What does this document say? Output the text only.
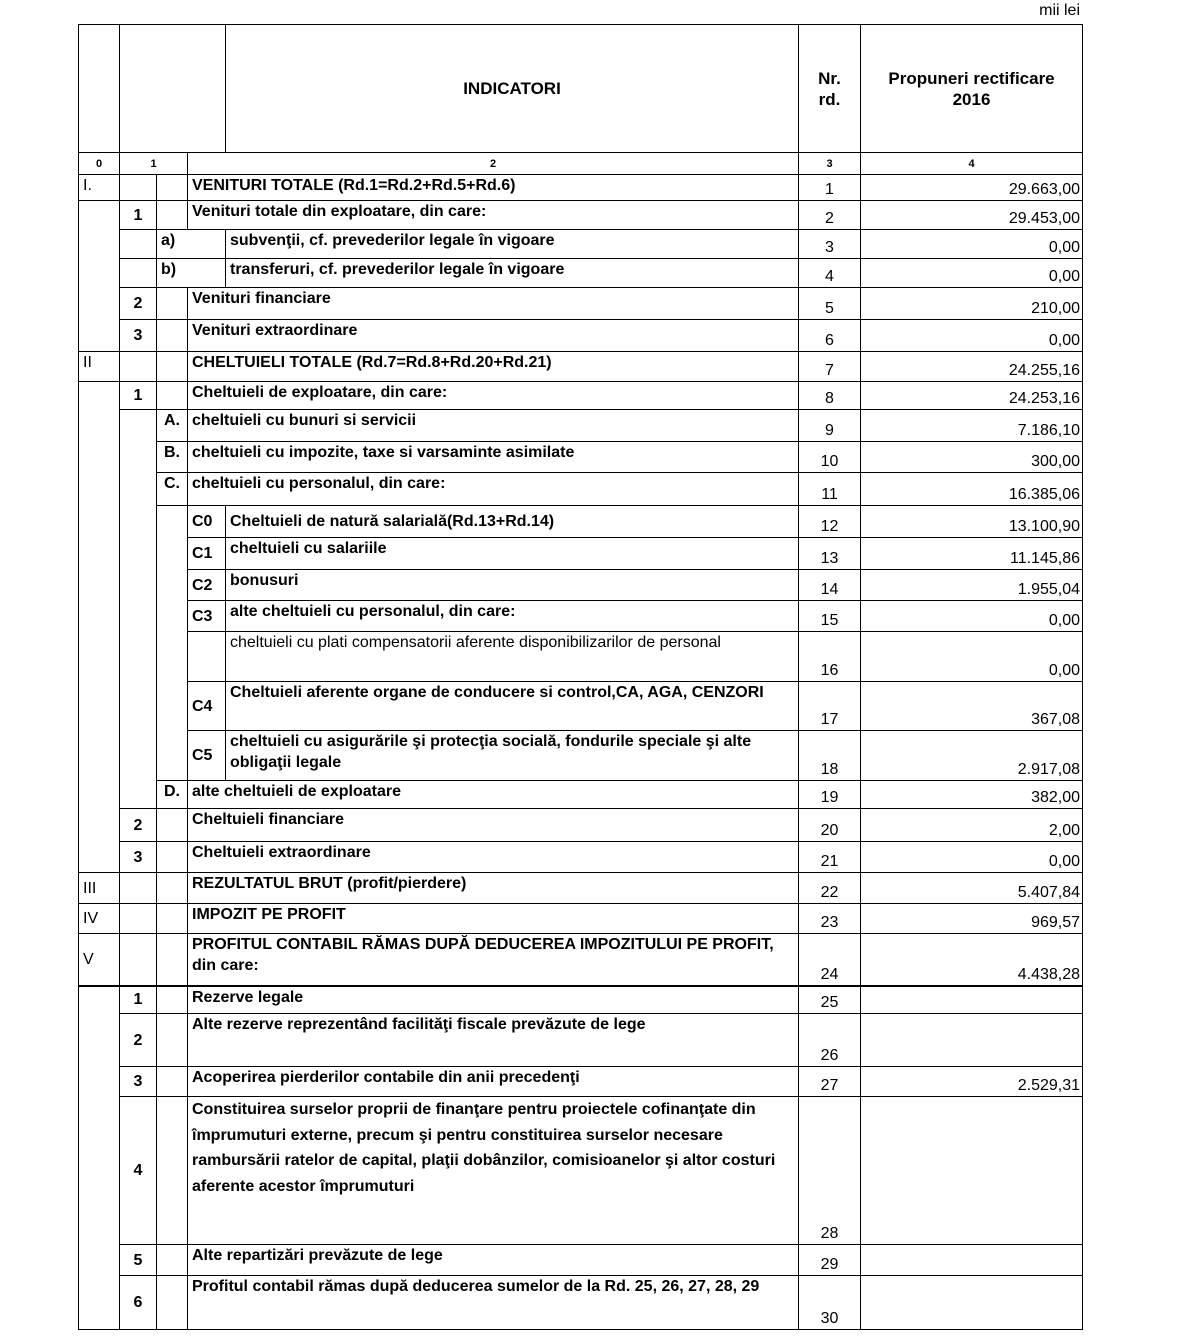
mii lei
				INDICATORI	Nr.
rd.	Propuneri rectificare
2016
0	1		2		3	4
I.			VENITURI TOTALE (Rd.1=Rd.2+Rd.5+Rd.6)		1	29.663,00
	1		Venituri totale din exploatare, din care:		2	29.453,00
		a)		subvenţii, cf. prevederilor legale în vigoare	3	0,00
		b)		transferuri, cf. prevederilor legale în vigoare	4	0,00
	2		Venituri financiare		5	210,00
	3		Venituri extraordinare		6	0,00
II			CHELTUIELI TOTALE (Rd.7=Rd.8+Rd.20+Rd.21)		7	24.255,16
	1		Cheltuieli de exploatare, din care:		8	24.253,16
		A.	cheltuieli cu bunuri si servicii		9	7.186,10
		B.	cheltuieli cu impozite, taxe si varsaminte asimilate		10	300,00
		C.	cheltuieli cu personalul, din care:		11	16.385,06
			C0	Cheltuieli de natură salarială(Rd.13+Rd.14)	12	13.100,90
			C1	cheltuieli cu salariile	13	11.145,86
			C2	bonusuri	14	1.955,04
			C3	alte cheltuieli cu personalul, din care:	15	0,00
				cheltuieli cu plati compensatorii aferente disponibilizarilor de personal	16	0,00
			C4	Cheltuieli aferente organe de conducere si control,CA, AGA, CENZORI	17	367,08
			C5	cheltuieli cu asigurările şi protecţia socială, fondurile speciale şi alte obligaţii legale	18	2.917,08
		D.	alte cheltuieli de exploatare		19	382,00
	2		Cheltuieli financiare		20	2,00
	3		Cheltuieli extraordinare		21	0,00
III			REZULTATUL BRUT (profit/pierdere)		22	5.407,84
IV			IMPOZIT PE PROFIT		23	969,57
V			PROFITUL CONTABIL RĂMAS DUPĂ DEDUCEREA IMPOZITULUI PE PROFIT, din care:		24	4.438,28
	1		Rezerve legale		25	
	2		Alte rezerve reprezentând facilităţi fiscale prevăzute de lege		26	
	3		Acoperirea pierderilor contabile din anii precedenţi		27	2.529,31
	4		Constituirea surselor proprii de finanţare pentru proiectele cofinanţate din împrumuturi externe, precum şi pentru constituirea surselor necesare rambursării ratelor de capital, plaţii dobânzilor, comisioanelor şi altor costuri aferente acestor împrumuturi		28	
	5		Alte repartizări prevăzute de lege		29	
	6		Profitul contabil rămas după deducerea sumelor de la Rd. 25, 26, 27, 28, 29		30	
